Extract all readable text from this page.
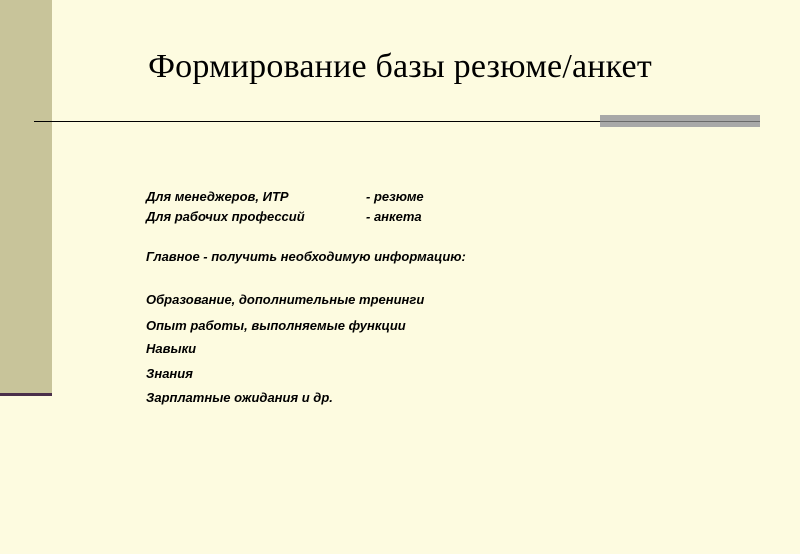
Формирование базы резюме/анкет
Для менеджеров, ИТР	- резюме
Для рабочих профессий	- анкета
Главное - получить необходимую информацию:
Образование, дополнительные тренинги
Опыт работы, выполняемые функции
Навыки
Знания
Зарплатные ожидания и др.
